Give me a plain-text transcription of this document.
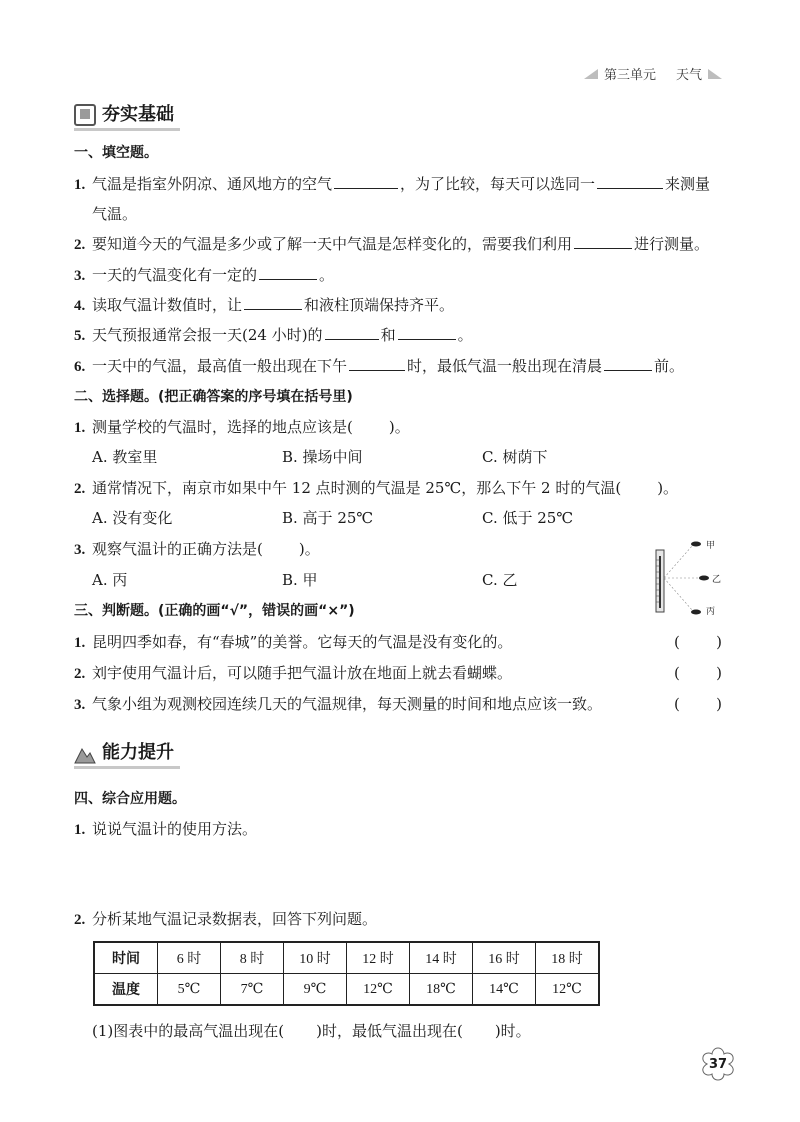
第三单元 天气
夯实基础
一、填空题。
1. 气温是指室外阴凉、通风地方的空气	，为了比较，每天可以选同一	来测量
气温。
2. 要知道今天的气温是多少或了解一天中气温是怎样变化的，需要我们利用	进行测量。
3. 一天的气温变化有一定的	。
4. 读取气温计数值时，让	和液柱顶端保持齐平。
5. 天气预报通常会报一天(24 小时)的	和	。
6. 一天中的气温，最高值一般出现在下午	时，最低气温一般出现在清晨	前。
二、选择题。(把正确答案的序号填在括号里)
1. 测量学校的气温时，选择的地点应该是( )。
A. 教室里	B. 操场中间	C. 树荫下
2. 通常情况下，南京市如果中午 12 点时测的气温是 25℃，那么下午 2 时的气温( )。
A. 没有变化	B. 高于 25℃	C. 低于 25℃
3. 观察气温计的正确方法是( )。
A. 丙	B. 甲	C. 乙
甲
乙
丙
三、判断题。(正确的画“√”，错误的画“×”)
1. 昆明四季如春，有“春城”的美誉。它每天的气温是没有变化的。	( )
2. 刘宇使用气温计后，可以随手把气温计放在地面上就去看蝴蝶。	( )
3. 气象小组为观测校园连续几天的气温规律，每天测量的时间和地点应该一致。	( )
能力提升
四、综合应用题。
1. 说说气温计的使用方法。
2. 分析某地气温记录数据表，回答下列问题。
时间	6 时	8 时	10 时	12 时	14 时	16 时	18 时
温度	5℃	7℃	9℃	12℃	18℃	14℃	12℃
(1)图表中的最高气温出现在( )时，最低气温出现在( )时。
37
